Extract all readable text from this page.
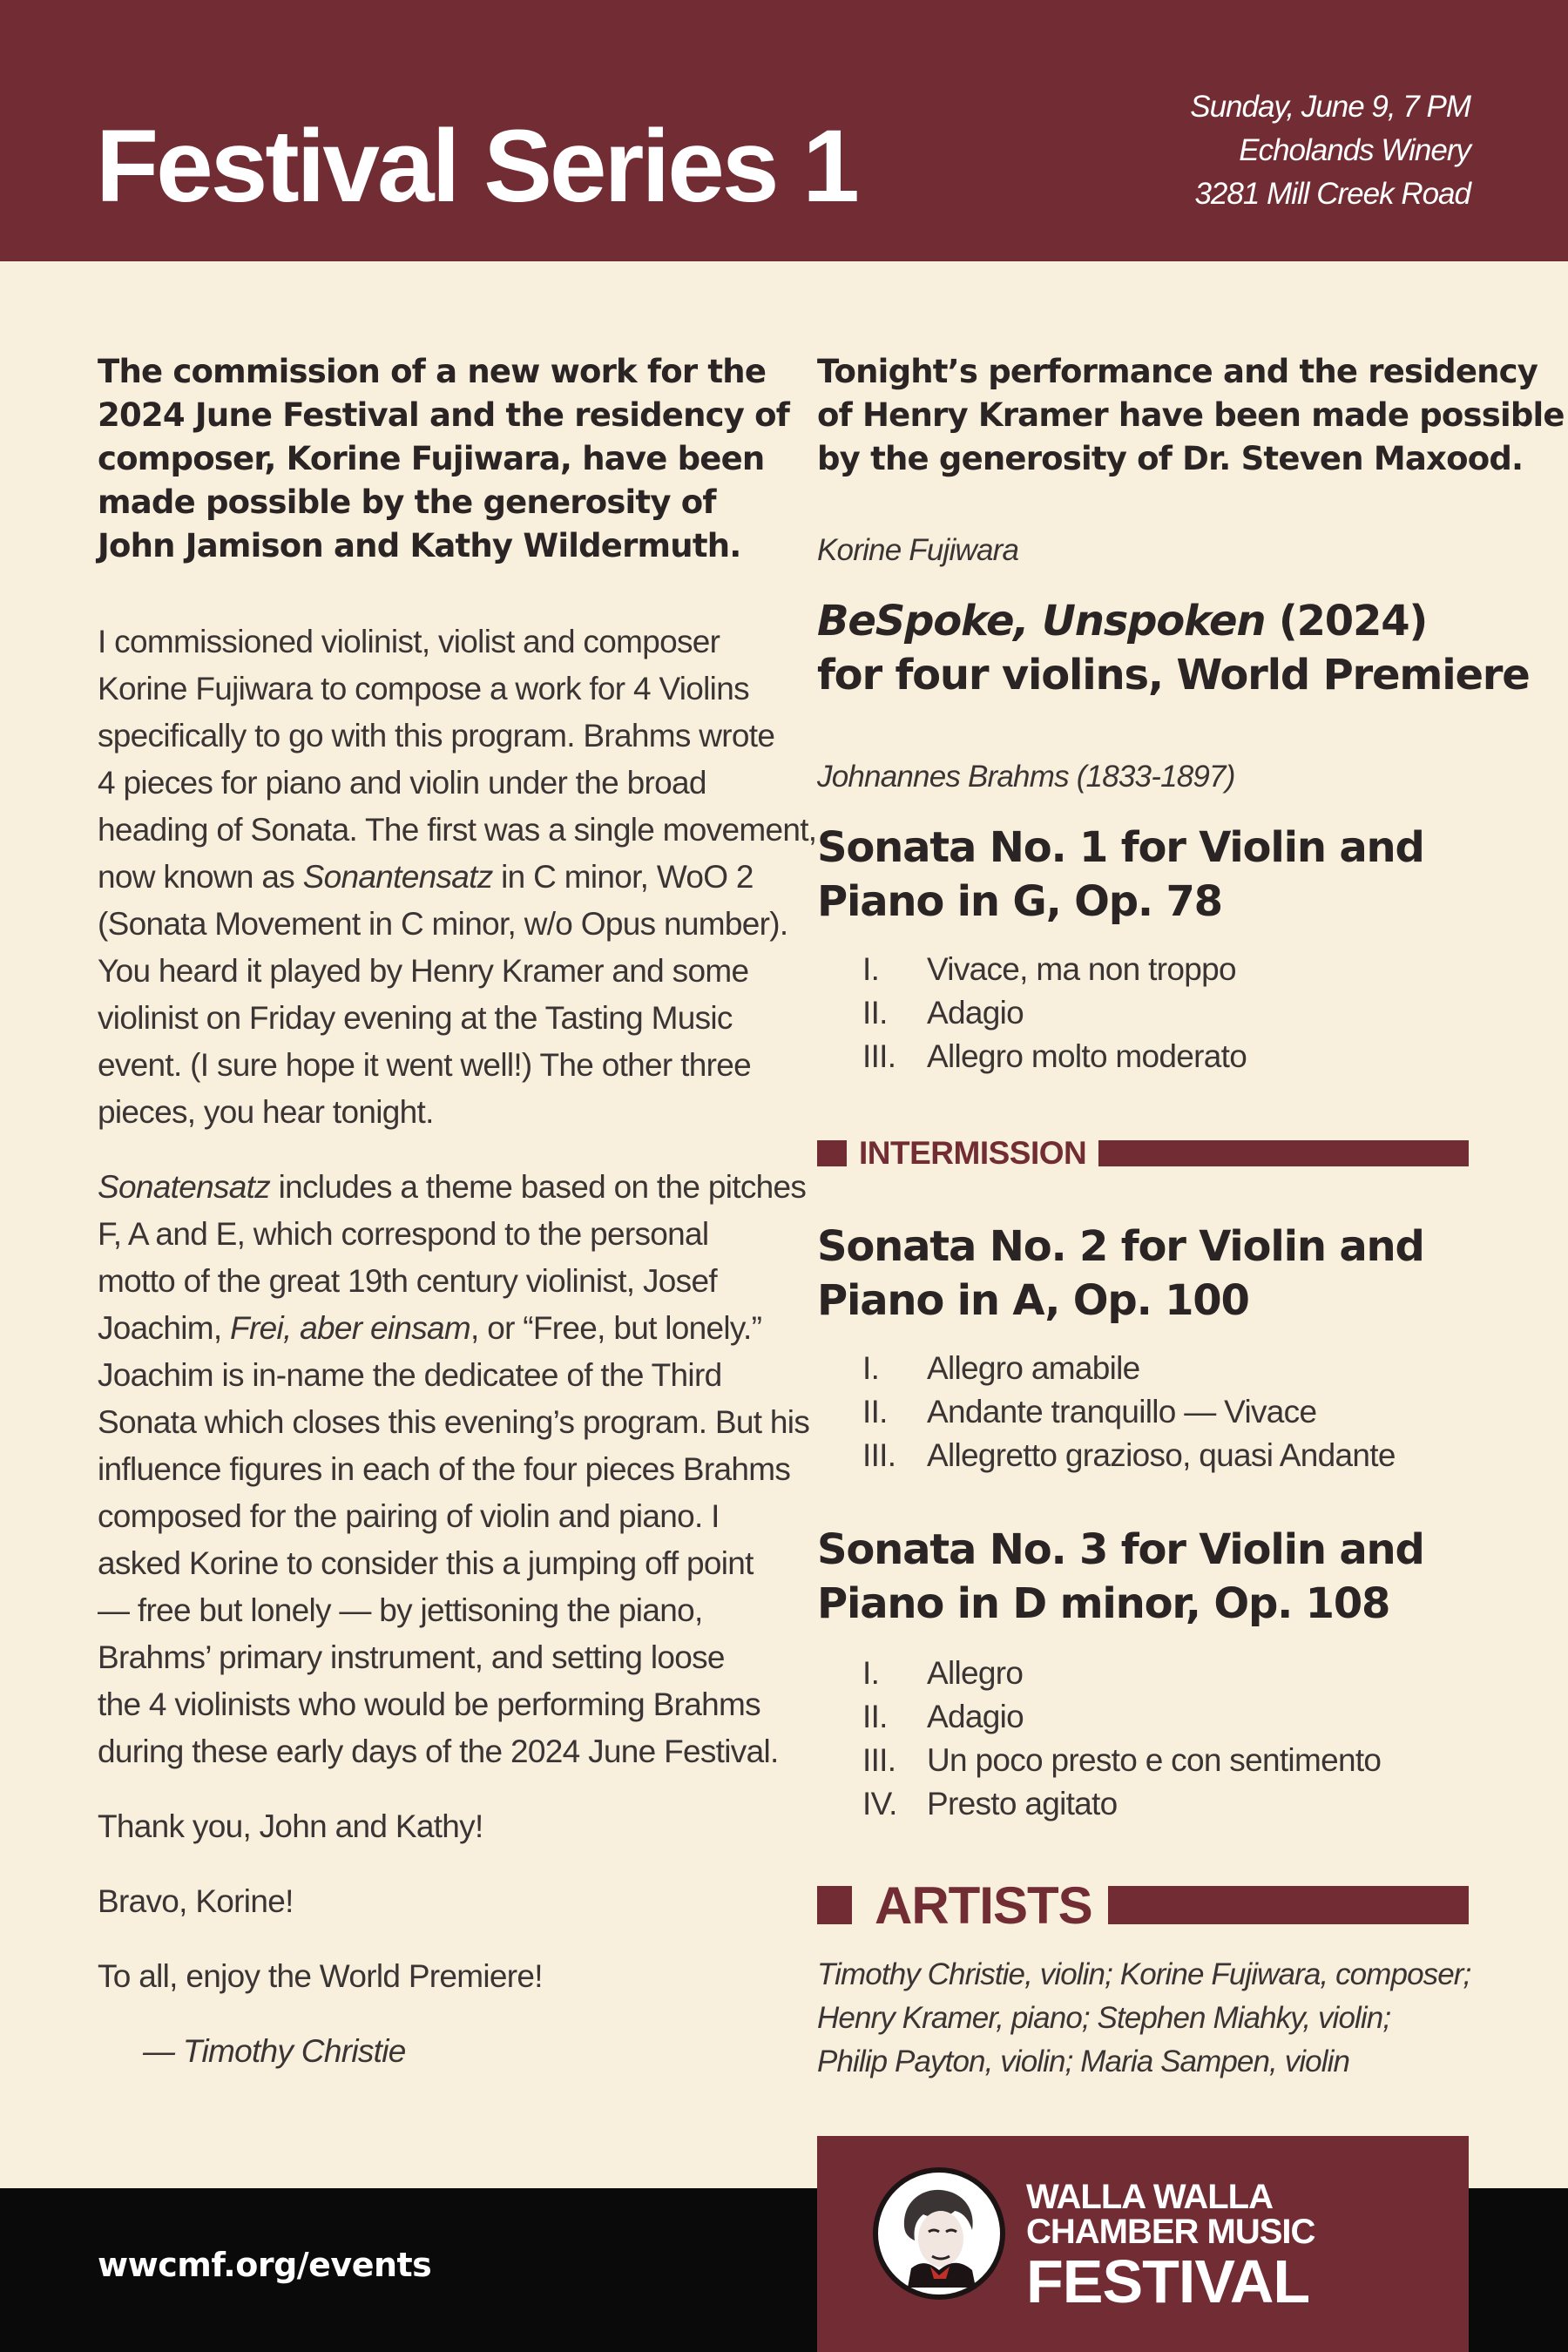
Festival Series 1
Sunday, June 9, 7 PM
Echolands Winery
3281 Mill Creek Road
The commission of a new work for the
2024 June Festival and the residency of
composer, Korine Fujiwara, have been
made possible by the generosity of
John Jamison and Kathy Wildermuth.

I commissioned violinist, violist and composer
Korine Fujiwara to compose a work for 4 Violins
specifically to go with this program. Brahms wrote
4 pieces for piano and violin under the broad
heading of Sonata. The first was a single movement,
now known as Sonantensatz in C minor, WoO 2
(Sonata Movement in C minor, w/o Opus number).
You heard it played by Henry Kramer and some
violinist on Friday evening at the Tasting Music
event. (I sure hope it went well!) The other three
pieces, you hear tonight.

Sonatensatz includes a theme based on the pitches
F, A and E, which correspond to the personal
motto of the great 19th century violinist, Josef
Joachim, Frei, aber einsam, or “Free, but lonely.”
Joachim is in-name the dedicatee of the Third
Sonata which closes this evening’s program. But his
influence figures in each of the four pieces Brahms
composed for the pairing of violin and piano. I
asked Korine to consider this a jumping off point
— free but lonely — by jettisoning the piano,
Brahms’ primary instrument, and setting loose
the 4 violinists who would be performing Brahms
during these early days of the 2024 June Festival.

Thank you, John and Kathy!

Bravo, Korine!

To all, enjoy the World Premiere!

— Timothy Christie

Tonight’s performance and the residency
of Henry Kramer have been made possible
by the generosity of Dr. Steven Maxood.
Korine Fujiwara
BeSpoke, Unspoken (2024)
for four violins, World Premiere
Johnannes Brahms (1833-1897)
Sonata No. 1 for Violin and
Piano in G, Op. 78
I. Vivace, ma non troppo
II. Adagio
III. Allegro molto moderato
INTERMISSION
Sonata No. 2 for Violin and
Piano in A, Op. 100
I. Allegro amabile
II. Andante tranquillo — Vivace
III. Allegretto grazioso, quasi Andante
Sonata No. 3 for Violin and
Piano in D minor, Op. 108
I. Allegro
II. Adagio
III. Un poco presto e con sentimento
IV. Presto agitato
ARTISTS
Timothy Christie, violin; Korine Fujiwara, composer;
Henry Kramer, piano; Stephen Miahky, violin;
Philip Payton, violin; Maria Sampen, violin
wwcmf.org/events
WALLA WALLA
CHAMBER MUSIC
FESTIVAL
